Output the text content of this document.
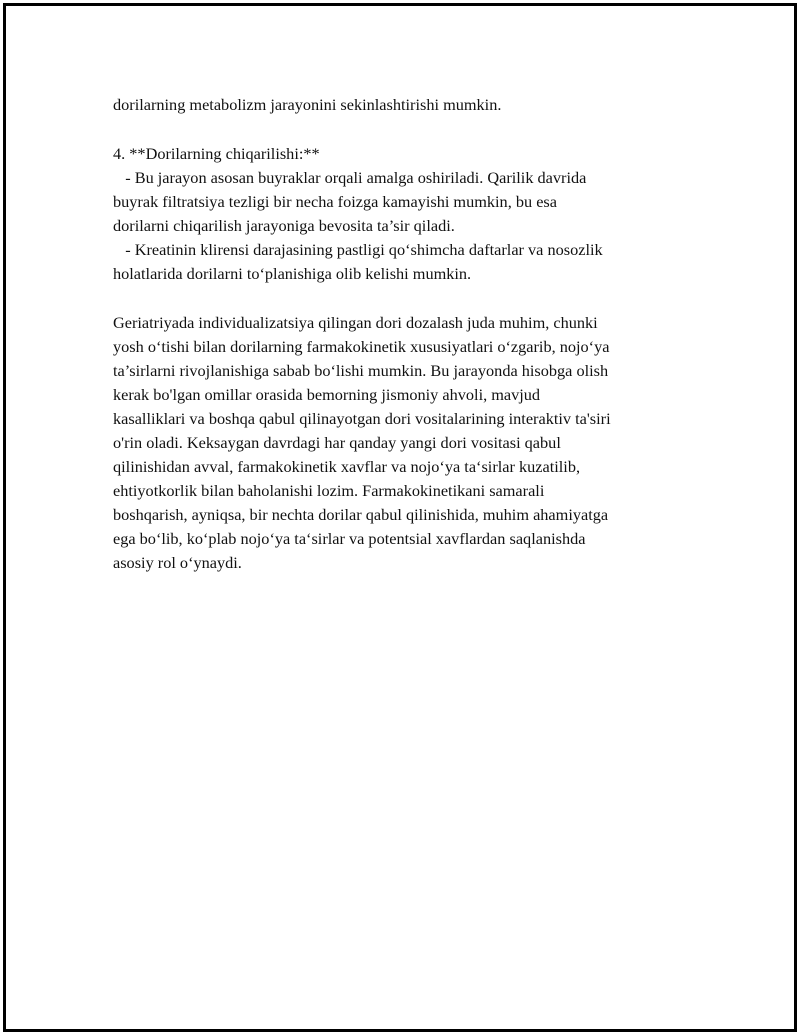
dorilarning metabolizm jarayonini sekinlashtirishi mumkin.
4. **Dorilarning chiqarilishi:**
- Bu jarayon asosan buyraklar orqali amalga oshiriladi. Qarilik davrida
buyrak filtratsiya tezligi bir necha foizga kamayishi mumkin, bu esa
dorilarni chiqarilish jarayoniga bevosita ta’sir qiladi.
- Kreatinin klirensi darajasining pastligi qo‘shimcha daftarlar va nosozlik
holatlarida dorilarni to‘planishiga olib kelishi mumkin.
Geriatriyada individualizatsiya qilingan dori dozalash juda muhim, chunki
yosh o‘tishi bilan dorilarning farmakokinetik xususiyatlari o‘zgarib, nojo‘ya
ta’sirlarni rivojlanishiga sabab bo‘lishi mumkin. Bu jarayonda hisobga olish
kerak bo'lgan omillar orasida bemorning jismoniy ahvoli, mavjud
kasalliklari va boshqa qabul qilinayotgan dori vositalarining interaktiv ta'siri
o'rin oladi. Keksaygan davrdagi har qanday yangi dori vositasi qabul
qilinishidan avval, farmakokinetik xavflar va nojo‘ya ta‘sirlar kuzatilib,
ehtiyotkorlik bilan baholanishi lozim. Farmakokinetikani samarali
boshqarish, ayniqsa, bir nechta dorilar qabul qilinishida, muhim ahamiyatga
ega bo‘lib, ko‘plab nojo‘ya ta‘sirlar va potentsial xavflardan saqlanishda
asosiy rol o‘ynaydi.
